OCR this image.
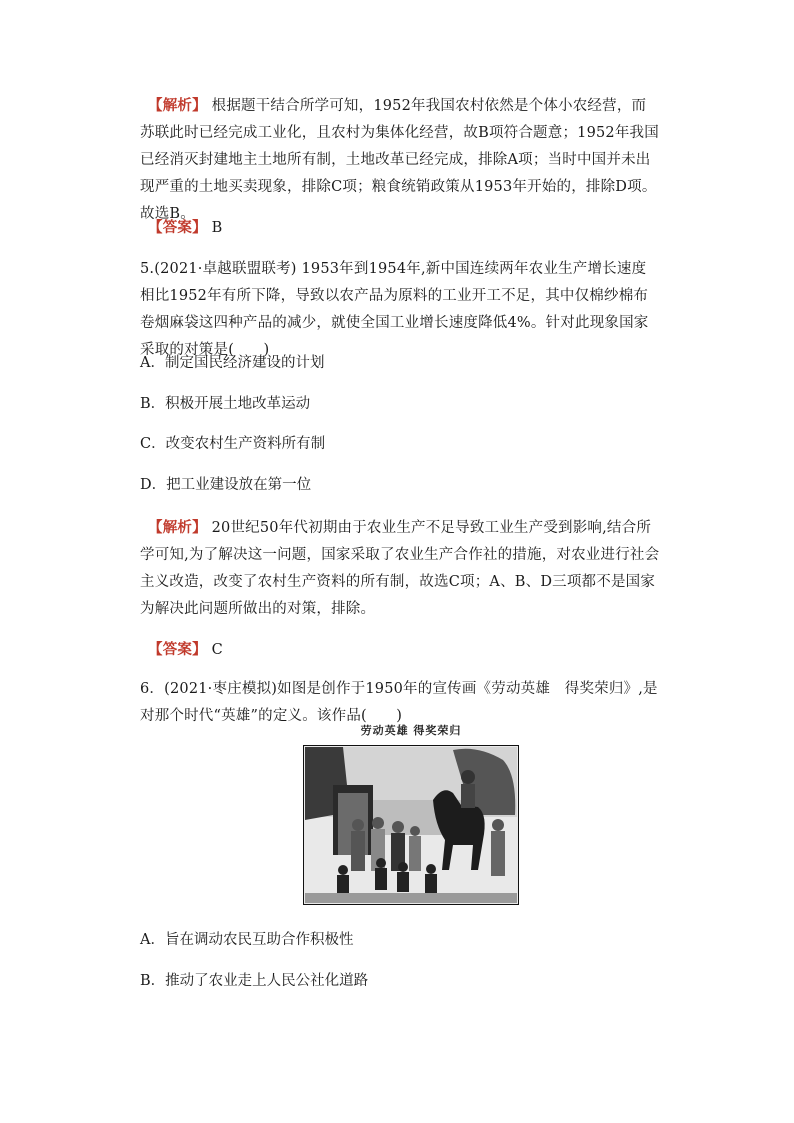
【解析】 根据题干结合所学可知，1952年我国农村依然是个体小农经营，而苏联此时已经完成工业化，且农村为集体化经营，故B项符合题意；1952年我国已经消灭封建地主土地所有制，土地改革已经完成，排除A项；当时中国并未出现严重的土地买卖现象，排除C项；粮食统销政策从1953年开始的，排除D项。故选B。

【答案】 B

5.(2021·卓越联盟联考) 1953年到1954年,新中国连续两年农业生产增长速度相比1952年有所下降，导致以农产品为原料的工业开工不足，其中仅棉纱棉布卷烟麻袋这四种产品的减少，就使全国工业增长速度降低4%。针对此现象国家采取的对策是(　　)

A．制定国民经济建设的计划

B．积极开展土地改革运动

C．改变农村生产资料所有制

D．把工业建设放在第一位

【解析】 20世纪50年代初期由于农业生产不足导致工业生产受到影响,结合所学可知,为了解决这一问题，国家采取了农业生产合作社的措施，对农业进行社会主义改造，改变了农村生产资料的所有制，故选C项；A、B、D三项都不是国家为解决此问题所做出的对策，排除。

【答案】 C

6．(2021·枣庄模拟)如图是创作于1950年的宣传画《劳动英雄　得奖荣归》,是对那个时代“英雄”的定义。该作品(　　)

劳动英雄 得奖荣归

A．旨在调动农民互助合作积极性

B．推动了农业走上人民公社化道路
